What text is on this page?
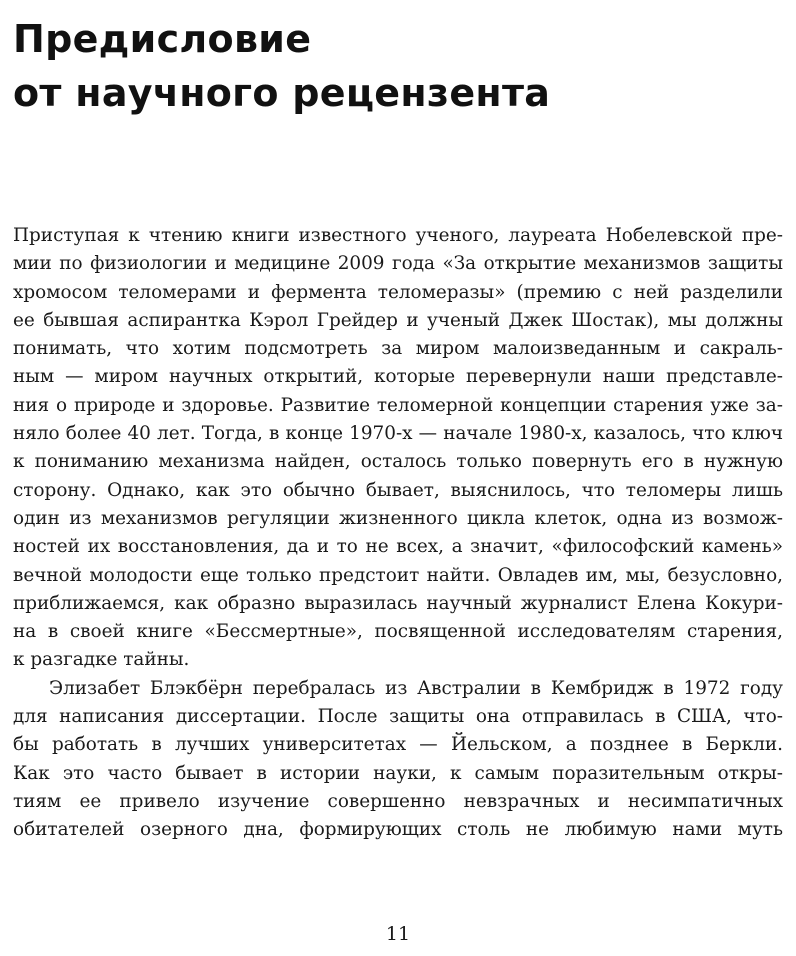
Предисловие
от научного рецензента
Приступая к чтению книги известного ученого, лауреата Нобелевской пре-
мии по физиологии и медицине 2009 года «За открытие механизмов защиты
хромосом теломерами и фермента теломеразы» (премию с ней разделили
ее бывшая аспирантка Кэрол Грейдер и ученый Джек Шостак), мы должны
понимать, что хотим подсмотреть за миром малоизведанным и сакраль-
ным — миром научных открытий, которые перевернули наши представле-
ния о природе и здоровье. Развитие теломерной концепции старения уже за-
няло более 40 лет. Тогда, в конце 1970-х — начале 1980-х, казалось, что ключ
к пониманию механизма найден, осталось только повернуть его в нужную
сторону. Однако, как это обычно бывает, выяснилось, что теломеры лишь
один из механизмов регуляции жизненного цикла клеток, одна из возмож-
ностей их восстановления, да и то не всех, а значит, «философский камень»
вечной молодости еще только предстоит найти. Овладев им, мы, безусловно,
приближаемся, как образно выразилась научный журналист Елена Кокури-
на в своей книге «Бессмертные», посвященной исследователям старения,
к разгадке тайны.
Элизабет Блэкбёрн перебралась из Австралии в Кембридж в 1972 году
для написания диссертации. После защиты она отправилась в США, что-
бы работать в лучших университетах — Йельском, а позднее в Беркли.
Как это часто бывает в истории науки, к самым поразительным откры-
тиям ее привело изучение совершенно невзрачных и несимпатичных
обитателей озерного дна, формирующих столь не любимую нами муть
11
